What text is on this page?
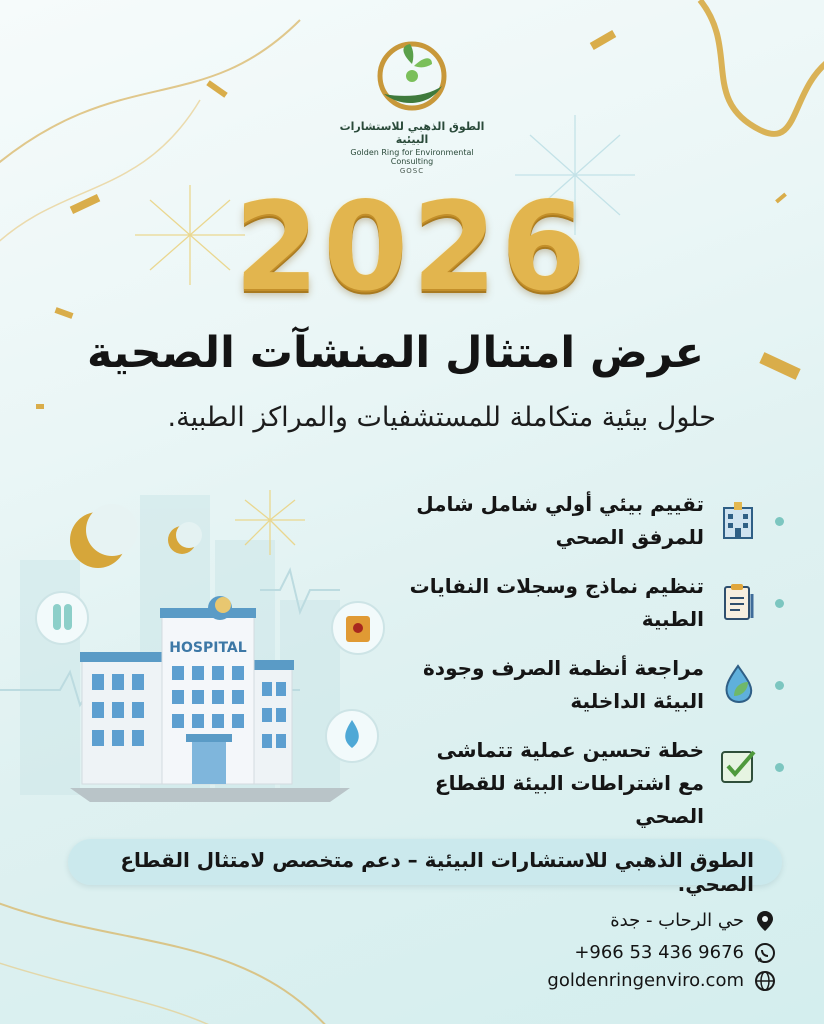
الطوق الذهبي للاستشارات البيئية
Golden Ring for Environmental Consulting
GOSC
2026
عرض امتثال المنشآت الصحية
حلول بيئية متكاملة للمستشفيات والمراكز الطبية.
HOSPITAL
تقييم بيئي أولي شامل شامل للمرفق الصحي
تنظيم نماذج وسجلات النفايات الطبية
مراجعة أنظمة الصرف وجودة البيئة الداخلية
خطة تحسين عملية تتماشى مع اشتراطات البيئة للقطاع الصحي
الطوق الذهبي للاستشارات البيئية – دعم متخصص لامتثال القطاع الصحي.
حي الرحاب - جدة
+966 53 436 9676
goldenringenviro.com
